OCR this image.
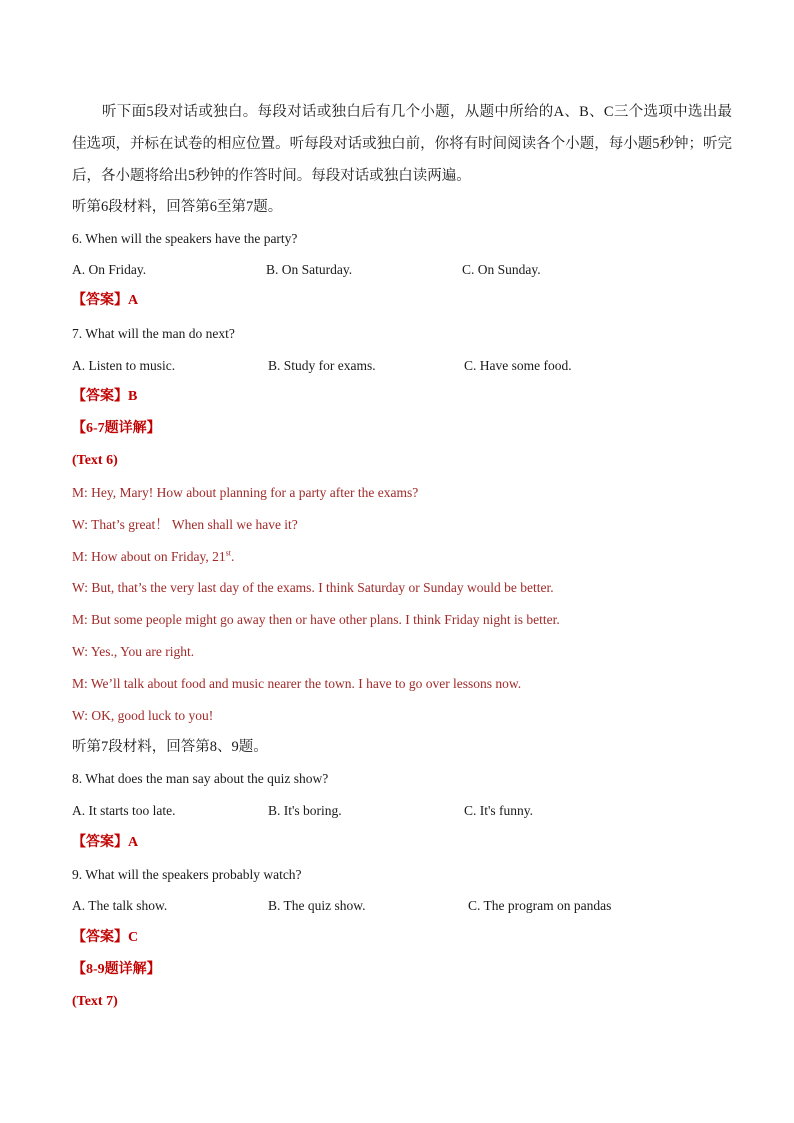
听下面5段对话或独白。每段对话或独白后有几个小题，从题中所给的A、B、C三个选项中选出最佳选项，并标在试卷的相应位置。听每段对话或独白前，你将有时间阅读各个小题，每小题5秒钟；听完后，各小题将给出5秒钟的作答时间。每段对话或独白读两遍。

听第6段材料，回答第6至第7题。
6. When will the speakers have the party?
A. On Friday.	B. On Saturday.	C. On Sunday.
【答案】A
7. What will the man do next?
A. Listen to music.	B. Study for exams.	C. Have some food.
【答案】B
【6-7题详解】
(Text 6)
M: Hey, Mary! How about planning for a party after the exams?
W: That’s great！ When shall we have it?
M: How about on Friday, 21st.
W: But, that’s the very last day of the exams. I think Saturday or Sunday would be better.
M: But some people might go away then or have other plans. I think Friday night is better.
W: Yes., You are right.
M: We’ll talk about food and music nearer the town. I have to go over lessons now.
W: OK, good luck to you!
听第7段材料，回答第8、9题。
8. What does the man say about the quiz show?
A. It starts too late.	B. It's boring.	C. It's funny.
【答案】A
9. What will the speakers probably watch?
A. The talk show.	B. The quiz show.	C. The program on pandas
【答案】C
【8-9题详解】
(Text 7)
